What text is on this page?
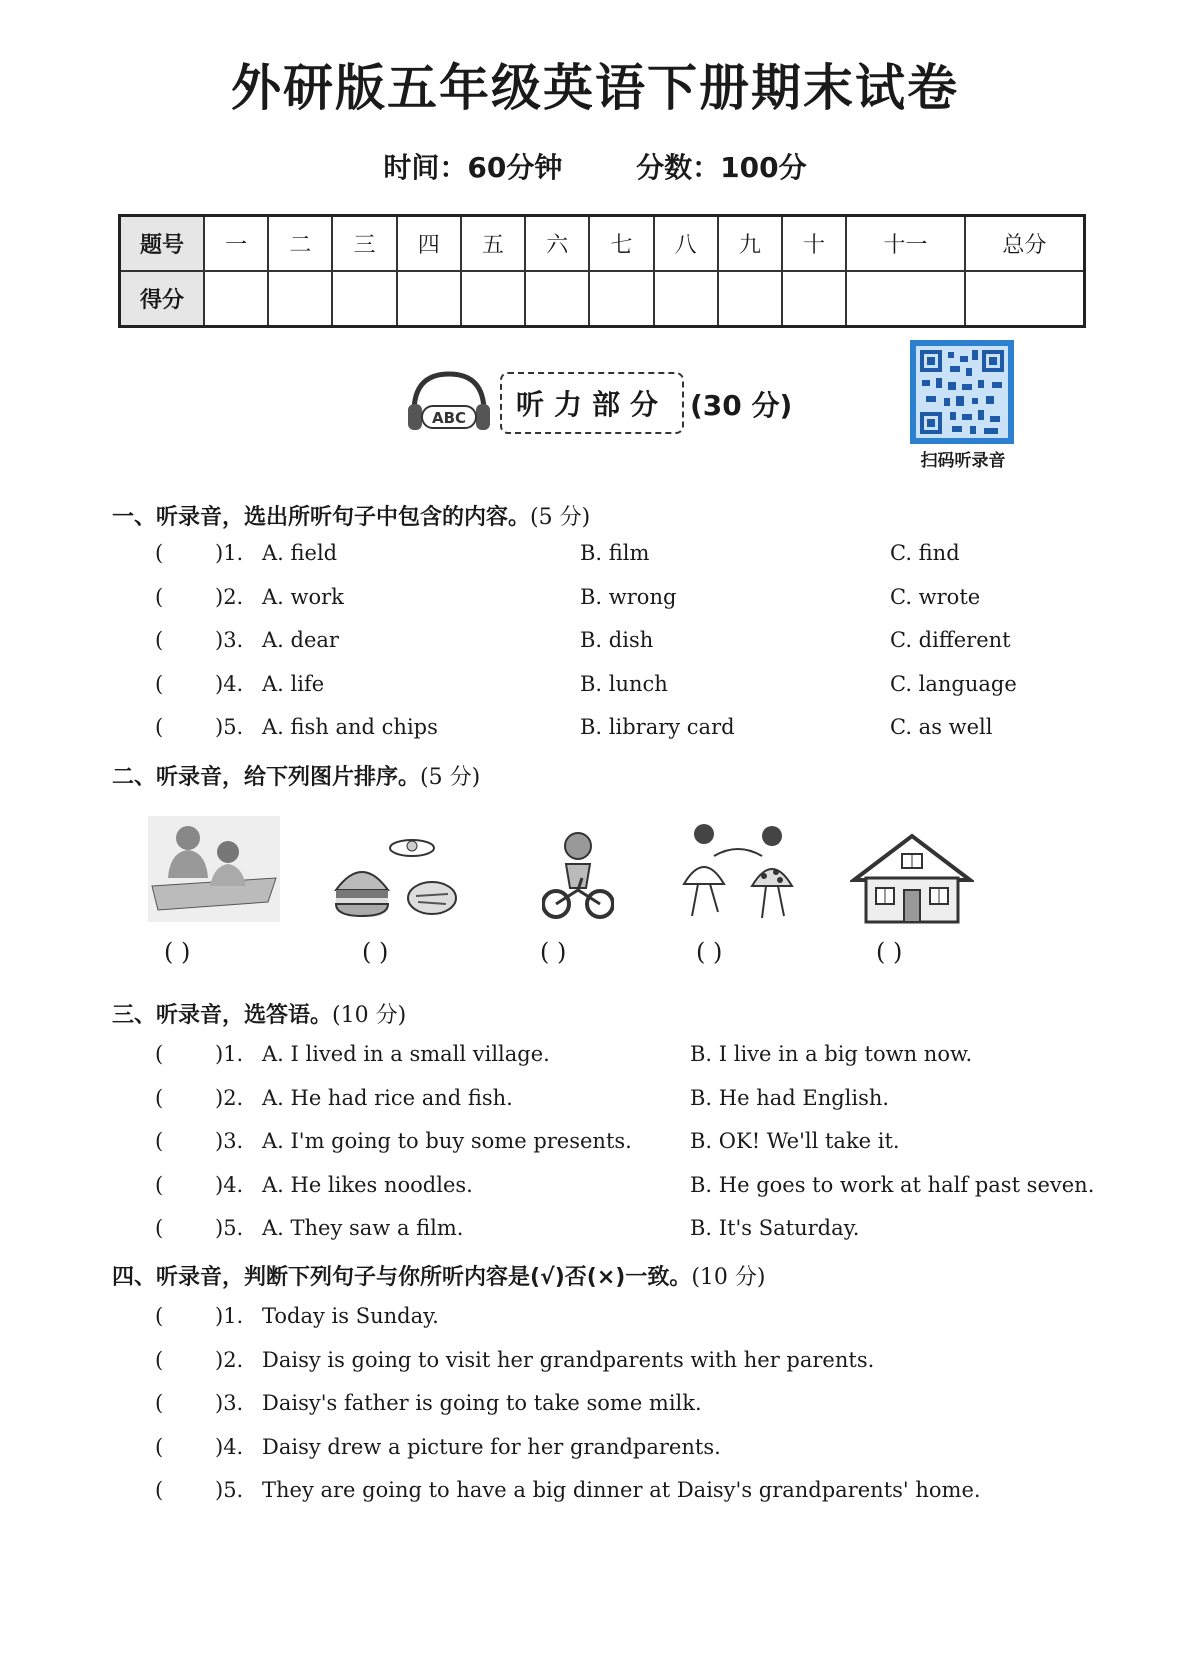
外研版五年级英语下册期末试卷
时间：60分钟	分数：100分
题号	一	二	三	四	五	六	七	八	九	十	十一	总分
得分												
ABC	听力部分 (30 分)
扫码听录音
一、听录音，选出所听句子中包含的内容。(5 分)
( )1. A. field	B. film	C. find
( )2. A. work	B. wrong	C. wrote
( )3. A. dear	B. dish	C. different
( )4. A. life	B. lunch	C. language
( )5. A. fish and chips	B. library card	C. as well
二、听录音，给下列图片排序。(5 分)
( )	( )	( )	( )	( )
三、听录音，选答语。(10 分)
( )1. A. I lived in a small village.	B. I live in a big town now.
( )2. A. He had rice and fish.	B. He had English.
( )3. A. I'm going to buy some presents.	B. OK! We'll take it.
( )4. A. He likes noodles.	B. He goes to work at half past seven.
( )5. A. They saw a film.	B. It's Saturday.
四、听录音，判断下列句子与你所听内容是(√)否(×)一致。(10 分)
( )1. Today is Sunday.
( )2. Daisy is going to visit her grandparents with her parents.
( )3. Daisy's father is going to take some milk.
( )4. Daisy drew a picture for her grandparents.
( )5. They are going to have a big dinner at Daisy's grandparents' home.
